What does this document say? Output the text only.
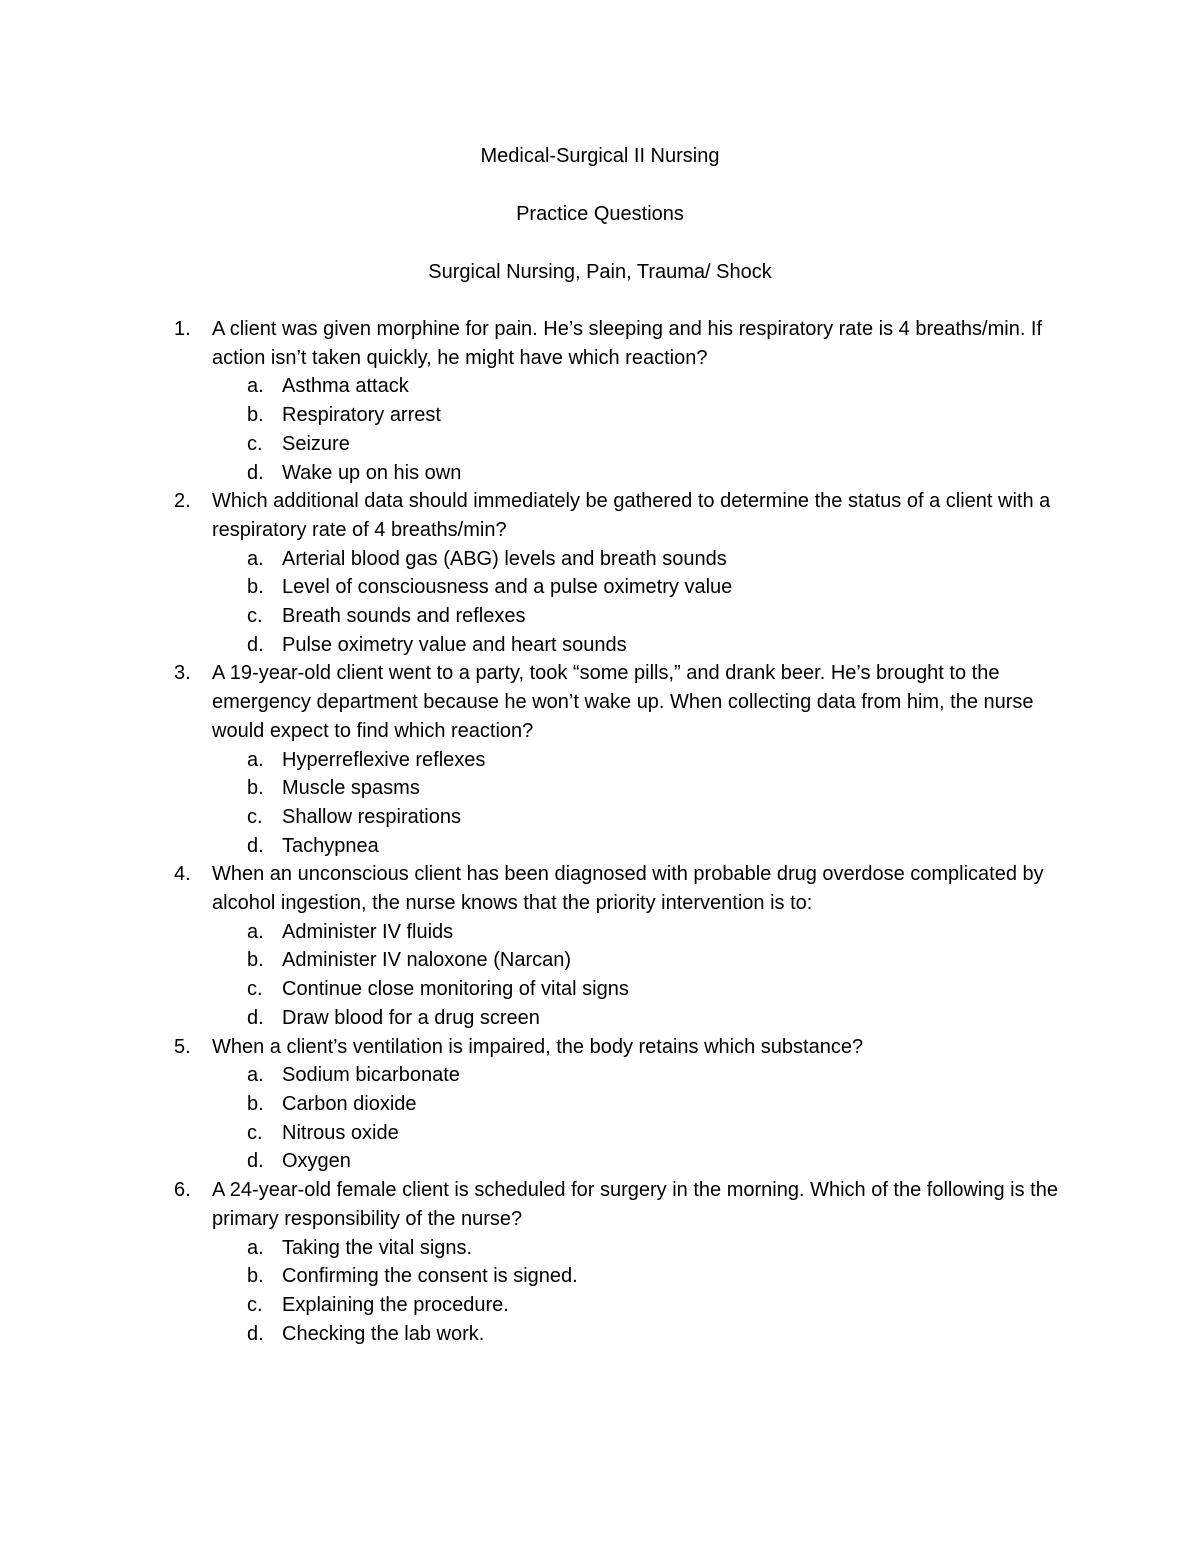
Medical-Surgical II Nursing
Practice Questions
Surgical Nursing, Pain, Trauma/ Shock
1. A client was given morphine for pain. He’s sleeping and his respiratory rate is 4 breaths/min. If action isn’t taken quickly, he might have which reaction?
a. Asthma attack
b. Respiratory arrest
c. Seizure
d. Wake up on his own
2. Which additional data should immediately be gathered to determine the status of a client with a respiratory rate of 4 breaths/min?
a. Arterial blood gas (ABG) levels and breath sounds
b. Level of consciousness and a pulse oximetry value
c. Breath sounds and reflexes
d. Pulse oximetry value and heart sounds
3. A 19-year-old client went to a party, took “some pills,” and drank beer. He’s brought to the emergency department because he won’t wake up. When collecting data from him, the nurse would expect to find which reaction?
a. Hyperreflexive reflexes
b. Muscle spasms
c. Shallow respirations
d. Tachypnea
4. When an unconscious client has been diagnosed with probable drug overdose complicated by alcohol ingestion, the nurse knows that the priority intervention is to:
a. Administer IV fluids
b. Administer IV naloxone (Narcan)
c. Continue close monitoring of vital signs
d. Draw blood for a drug screen
5. When a client’s ventilation is impaired, the body retains which substance?
a. Sodium bicarbonate
b. Carbon dioxide
c. Nitrous oxide
d. Oxygen
6. A 24-year-old female client is scheduled for surgery in the morning. Which of the following is the primary responsibility of the nurse?
a. Taking the vital signs.
b. Confirming the consent is signed.
c. Explaining the procedure.
d. Checking the lab work.
